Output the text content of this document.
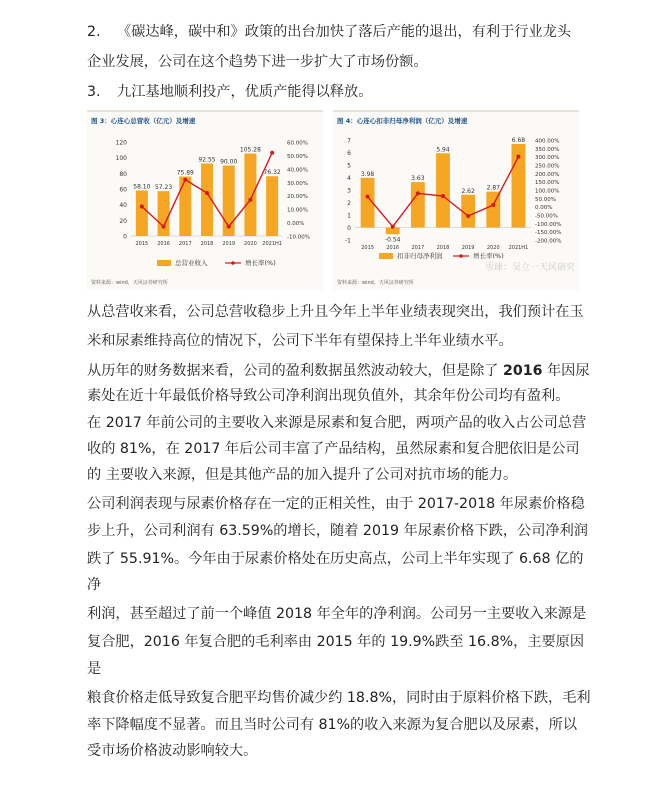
2. 《碳达峰，碳中和》政策的出台加快了落后产能的退出，有利于行业龙头
企业发展，公司在这个趋势下进一步扩大了市场份额。
3. 九江基地顺利投产，优质产能得以释放。
图 3：心连心总营收（亿元）及增速
0
20
40
60
80
100
120
-10.00%
0.00%
10.00%
20.00%
30.00%
40.00%
50.00%
60.00%
58.10
2015
57.23
2016
75.89
2017
92.55
2018
90.00
2019
105.28
2020
76.32
2021H1
总营业收入	增长率(%)
资料来源：wind，天风证券研究所
图 4：心连心扣非归母净利润（亿元）及增速
-1
0
1
2
3
4
5
6
7
-200.00%
-150.00%
-100.00%
-50.00%
0.00%
50.00%
100.00%
150.00%
200.00%
250.00%
300.00%
350.00%
400.00%
3.98
2015
-0.54
2016
3.63
2017
5.94
2018
2.62
2019
2.87
2020
6.68
2021H1
扣非归母净利润	增长率(%)
资料来源：wind，天风证券研究所
雪球：吴立一天风研究
从总营收来看，公司总营收稳步上升且今年上半年业绩表现突出，我们预计在玉
米和尿素维持高位的情况下，公司下半年有望保持上半年业绩水平。
从历年的财务数据来看，公司的盈利数据虽然波动较大，但是除了 2016 年因尿
素处在近十年最低价格导致公司净利润出现负值外，其余年份公司均有盈利。
在 2017 年前公司的主要收入来源是尿素和复合肥，两项产品的收入占公司总营
收的 81%，在 2017 年后公司丰富了产品结构，虽然尿素和复合肥依旧是公司
的 主要收入来源，但是其他产品的加入提升了公司对抗市场的能力。
公司利润表现与尿素价格存在一定的正相关性，由于 2017-2018 年尿素价格稳
步上升，公司利润有 63.59%的增长，随着 2019 年尿素价格下跌，公司净利润
跌了 55.91%。今年由于尿素价格处在历史高点，公司上半年实现了 6.68 亿的
净
利润，甚至超过了前一个峰值 2018 年全年的净利润。公司另一主要收入来源是
复合肥，2016 年复合肥的毛利率由 2015 年的 19.9%跌至 16.8%，主要原因
是
粮食价格走低导致复合肥平均售价减少约 18.8%，同时由于原料价格下跌，毛利
率下降幅度不显著。而且当时公司有 81%的收入来源为复合肥以及尿素，所以
受市场价格波动影响较大。
